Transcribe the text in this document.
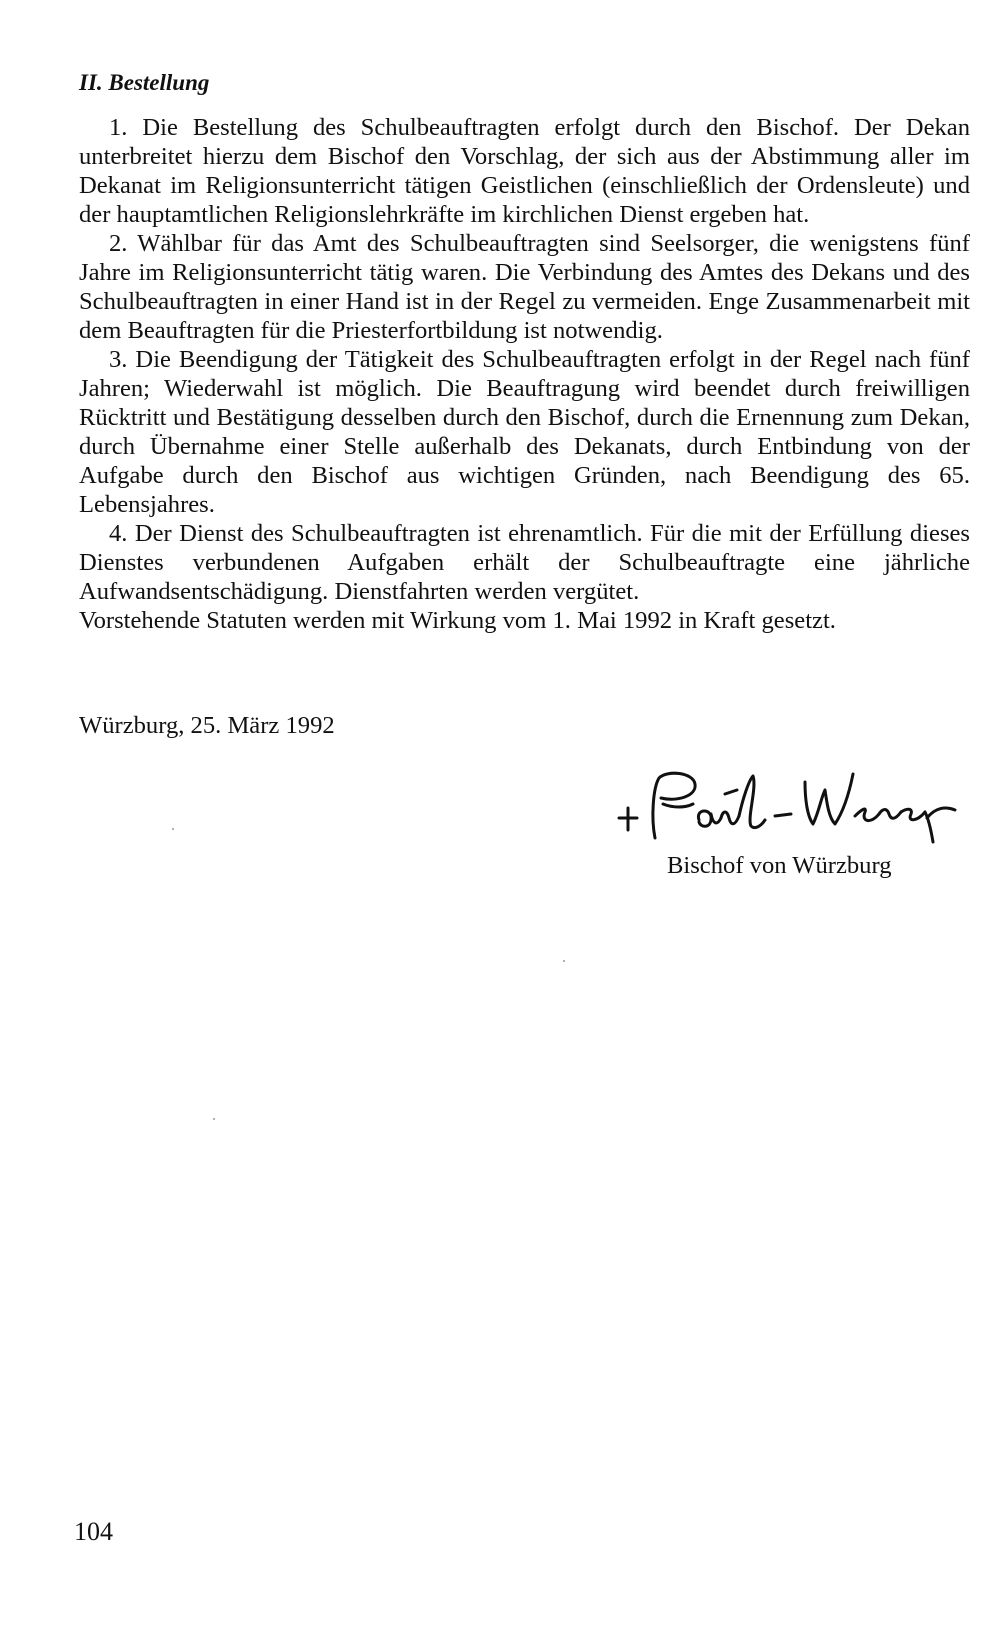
II. Bestellung

1. Die Bestellung des Schulbeauftragten erfolgt durch den Bischof. Der Dekan unterbreitet hierzu dem Bischof den Vorschlag, der sich aus der Abstimmung aller im Dekanat im Religionsunterricht tätigen Geistlichen (einschließlich der Ordensleute) und der hauptamtlichen Religionslehrkräfte im kirchlichen Dienst ergeben hat.

2. Wählbar für das Amt des Schulbeauftragten sind Seelsorger, die wenigstens fünf Jahre im Religionsunterricht tätig waren. Die Verbindung des Amtes des Dekans und des Schulbeauftragten in einer Hand ist in der Regel zu vermeiden. Enge Zusammenarbeit mit dem Beauftragten für die Priesterfortbildung ist notwendig.

3. Die Beendigung der Tätigkeit des Schulbeauftragten erfolgt in der Regel nach fünf Jahren; Wiederwahl ist möglich. Die Beauftragung wird beendet durch freiwilligen Rücktritt und Bestätigung desselben durch den Bischof, durch die Ernennung zum Dekan, durch Übernahme einer Stelle außerhalb des Dekanats, durch Entbindung von der Aufgabe durch den Bischof aus wichtigen Gründen, nach Beendigung des 65. Lebensjahres.

4. Der Dienst des Schulbeauftragten ist ehrenamtlich. Für die mit der Erfüllung dieses Dienstes verbundenen Aufgaben erhält der Schulbeauftragte eine jährliche Aufwandsentschädigung. Dienstfahrten werden vergütet.

Vorstehende Statuten werden mit Wirkung vom 1. Mai 1992 in Kraft gesetzt.

Würzburg, 25. März 1992

Bischof von Würzburg

104
